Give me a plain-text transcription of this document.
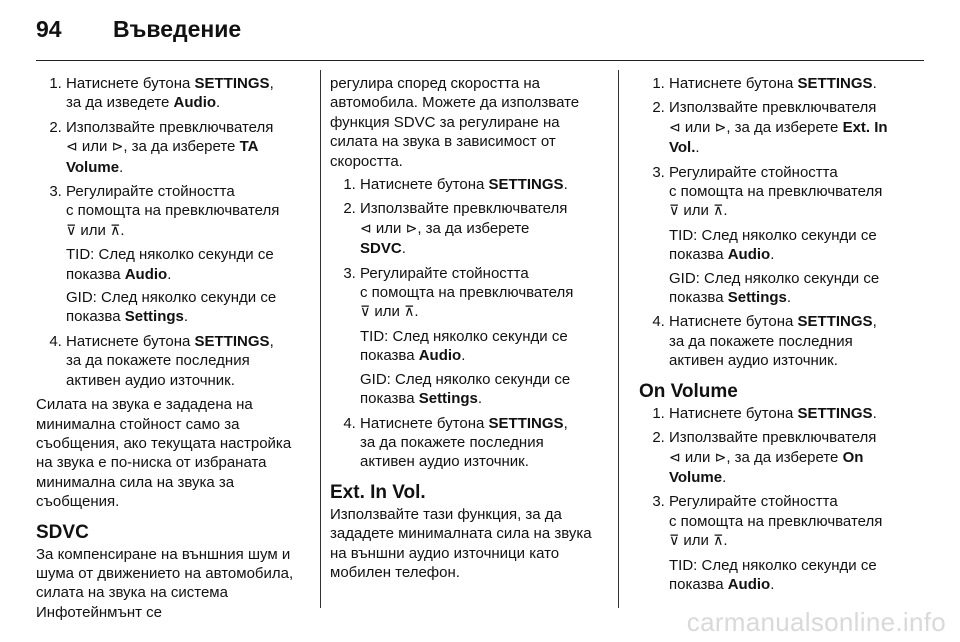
94 Въведение
1. Натиснете бутона SETTINGS,
за да изведете Audio.
2. Използвайте превключвателя
⊲ или ⊳, за да изберете TA Volume.
3. Регулирайте стойността
с помощта на превключвателя
⊽ или ⊼.

TID: След няколко секунди се
показва Audio.

GID: След няколко секунди се
показва Settings.

4. Натиснете бутона SETTINGS,
за да покажете последния
активен аудио източник.

Силата на звука е зададена на минимална стойност само за съобщения, ако текущата настройка на звука е по-ниска от избраната минимална сила на звука за съобщения.

SDVC

За компенсиране на външния шум и шума от движението на автомобила, силата на звука на система Инфотейнмънт се

регулира според скоростта на автомобила. Можете да използвате функция SDVC за регулиране на силата на звука в зависимост от скоростта.

1. Натиснете бутона SETTINGS.
2. Използвайте превключвателя
⊲ или ⊳, за да изберете
SDVC.
3. Регулирайте стойността
с помощта на превключвателя
⊽ или ⊼.

TID: След няколко секунди се
показва Audio.

GID: След няколко секунди се
показва Settings.

4. Натиснете бутона SETTINGS,
за да покажете последния
активен аудио източник.
Ext. In Vol.

Използвайте тази функция, за да зададете минималната сила на звука на външни аудио източници като мобилен телефон.

1. Натиснете бутона SETTINGS.
2. Използвайте превключвателя
⊲ или ⊳, за да изберете Ext. In Vol..
3. Регулирайте стойността
с помощта на превключвателя
⊽ или ⊼.

TID: След няколко секунди се
показва Audio.

GID: След няколко секунди се
показва Settings.

4. Натиснете бутона SETTINGS,
за да покажете последния
активен аудио източник.
On Volume
1. Натиснете бутона SETTINGS.
2. Използвайте превключвателя
⊲ или ⊳, за да изберете On Volume.
3. Регулирайте стойността
с помощта на превключвателя
⊽ или ⊼.

TID: След няколко секунди се
показва Audio.

carmanualsonline.info
